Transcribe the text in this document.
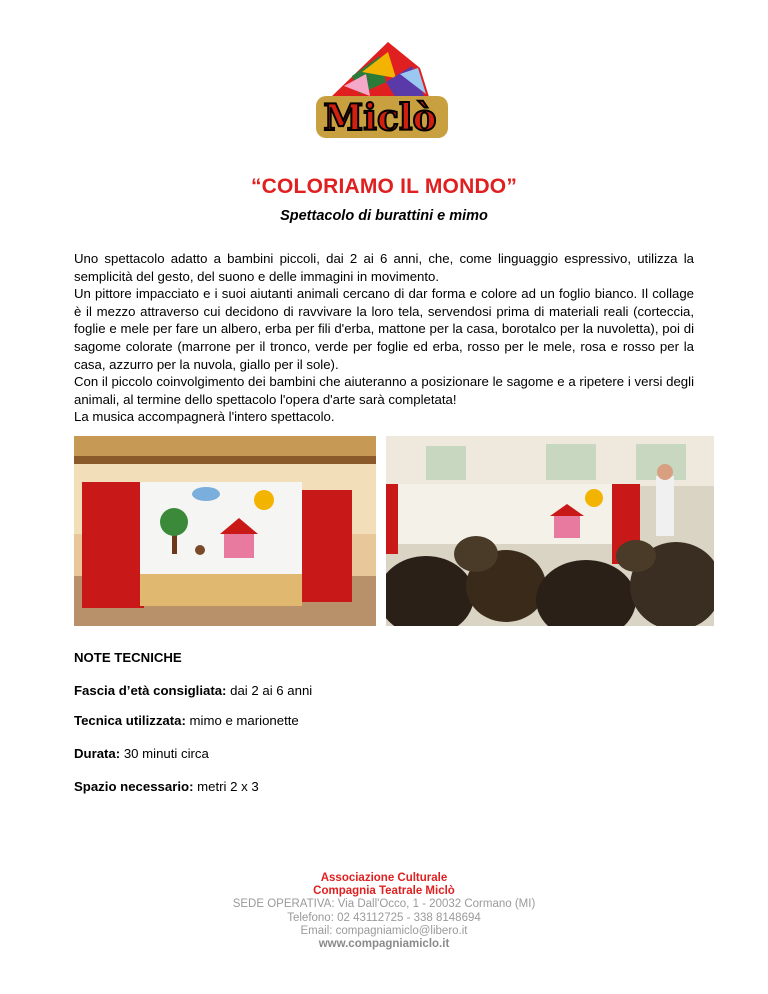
Miclò
“COLORIAMO IL MONDO”
Spettacolo di burattini e mimo

Uno spettacolo adatto a bambini piccoli, dai 2 ai 6 anni, che, come linguaggio espressivo, utilizza la semplicità del gesto, del suono e delle immagini in movimento.

Un pittore impacciato e i suoi aiutanti animali cercano di dar forma e colore ad un foglio bianco. Il collage è il mezzo attraverso cui decidono di ravvivare la loro tela, servendosi prima di materiali reali (corteccia, foglie e mele per fare un albero, erba per fili d'erba, mattone per la casa, borotalco per la nuvoletta), poi di sagome colorate (marrone per il tronco, verde per foglie ed erba, rosso per le mele, rosa e rosso per la casa, azzurro per la nuvola, giallo per il sole).

Con il piccolo coinvolgimento dei bambini che aiuteranno a posizionare le sagome e a ripetere i versi degli animali, al termine dello spettacolo l'opera d'arte sarà completata!

La musica accompagnerà l'intero spettacolo.

NOTE TECNICHE
Fascia d’età consigliata: dai 2 ai 6 anni
Tecnica utilizzata: mimo e marionette
Durata: 30 minuti circa
Spazio necessario: metri 2 x 3
Associazione Culturale
Compagnia Teatrale Miclò
SEDE OPERATIVA: Via Dall'Occo, 1 - 20032 Cormano (MI)
Telefono: 02 43112725 - 338 8148694
Email: compagniamiclo@libero.it
www.compagniamiclo.it
